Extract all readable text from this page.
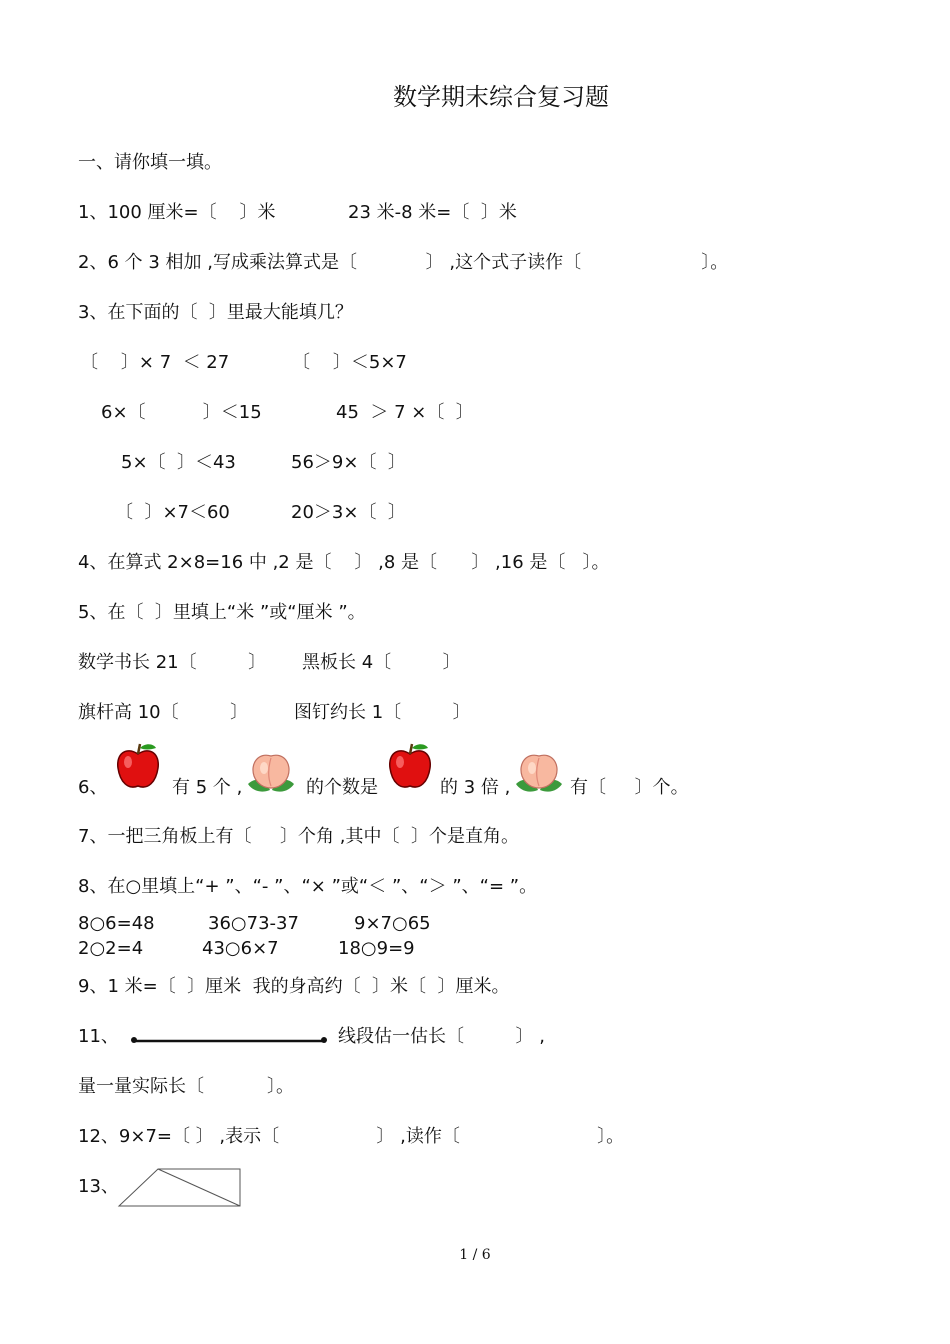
数学期末综合复习题
一、请你填一填。
1、100 厘米=〔    〕米	23 米-8 米=〔  〕米
2、6 个 3 相加 ,写成乘法算式是〔            〕 ,这个式子读作〔                     〕。
3、在下面的〔  〕里最大能填几？
〔    〕× 7  ＜ 27	〔    〕＜5×7
6×〔          〕＜15	45  ＞ 7 ×〔  〕
5×〔  〕＜43	56＞9×〔  〕
〔  〕×7＜60	20＞3×〔  〕
4、在算式 2×8=16 中 ,2 是〔    〕 ,8 是〔      〕 ,16 是〔   〕。
5、在〔  〕里填上“米 ”或“厘米 ”。
数学书长 21〔         〕 黑板长 4〔         〕
旗杆高 10〔         〕	图钉约长 1〔         〕
6、	有 5 个 ,	的个数是	的 3 倍 ,	有〔     〕个。
7、一把三角板上有〔     〕个角 ,其中〔  〕个是直角。
8、在○里填上“+ ”、“- ”、“× ”或“＜ ”、“＞ ”、“= ”。
8○6=48	36○73-37	9×7○65
2○2=4	43○6×7	18○9=9
9、1 米=〔  〕厘米  我的身高约〔  〕米〔  〕厘米。
11、	线段估一估长〔         〕 ,
量一量实际长〔           〕。
12、9×7=〔 〕 ,表示〔                 〕 ,读作〔                        〕。
13、
1 / 6
